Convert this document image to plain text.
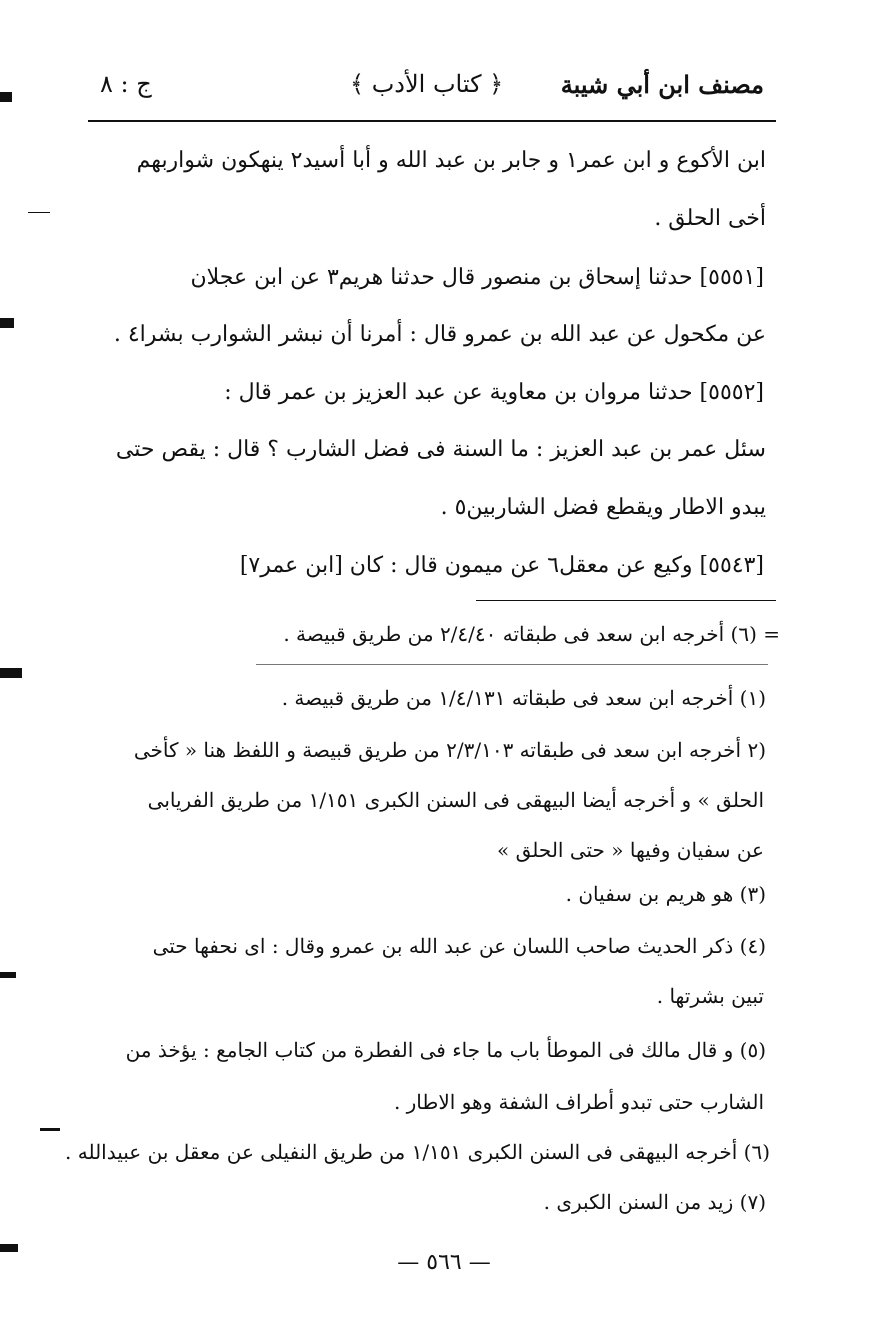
مصنف ابن أبي شيبة
﴿ كتاب الأدب ﴾
ج : ٨
ابن الأكوع و ابن عمر١ و جابر بن عبد الله و أبا أسيد٢ ينهكون شواربهم
أخى الحلق .
[٥٥٥١] حدثنا إسحاق بن منصور قال حدثنا هريم٣ عن ابن عجلان
عن مكحول عن عبد الله بن عمرو قال : أمرنا أن نبشر الشوارب بشرا٤ .
[٥٥٥٢] حدثنا مروان بن معاوية عن عبد العزيز بن عمر قال :
سئل عمر بن عبد العزيز : ما السنة فى فضل الشارب ؟ قال : يقص حتى
يبدو الاطار ويقطع فضل الشاربين٥ .
[٥٥٤٣] وكيع عن معقل٦ عن ميمون قال : كان [ابن عمر٧]
= (٦) أخرجه ابن سعد فى طبقاته ٢/٤/٤٠ من طريق قبيصة .
(١) أخرجه ابن سعد فى طبقاته ١/٤/١٣١ من طريق قبيصة .
(٢ أخرجه ابن سعد فى طبقاته ٢/٣/١٠٣ من طريق قبيصة و اللفظ هنا « كأخى
الحلق » و أخرجه أيضا البيهقى فى السنن الكبرى ١/١٥١ من طريق الفريابى
عن سفيان وفيها « حتى الحلق »
(٣) هو هريم بن سفيان .
(٤) ذكر الحديث صاحب اللسان عن عبد الله بن عمرو وقال : اى نحفها حتى
تبين بشرتها .
(٥) و قال مالك فى الموطأ باب ما جاء فى الفطرة من كتاب الجامع : يؤخذ من
الشارب حتى تبدو أطراف الشفة وهو الاطار .
(٦) أخرجه البيهقى فى السنن الكبرى ١/١٥١ من طريق النفيلى عن معقل بن عبيدالله .
(٧) زيد من السنن الكبرى .
— ٥٦٦ —
